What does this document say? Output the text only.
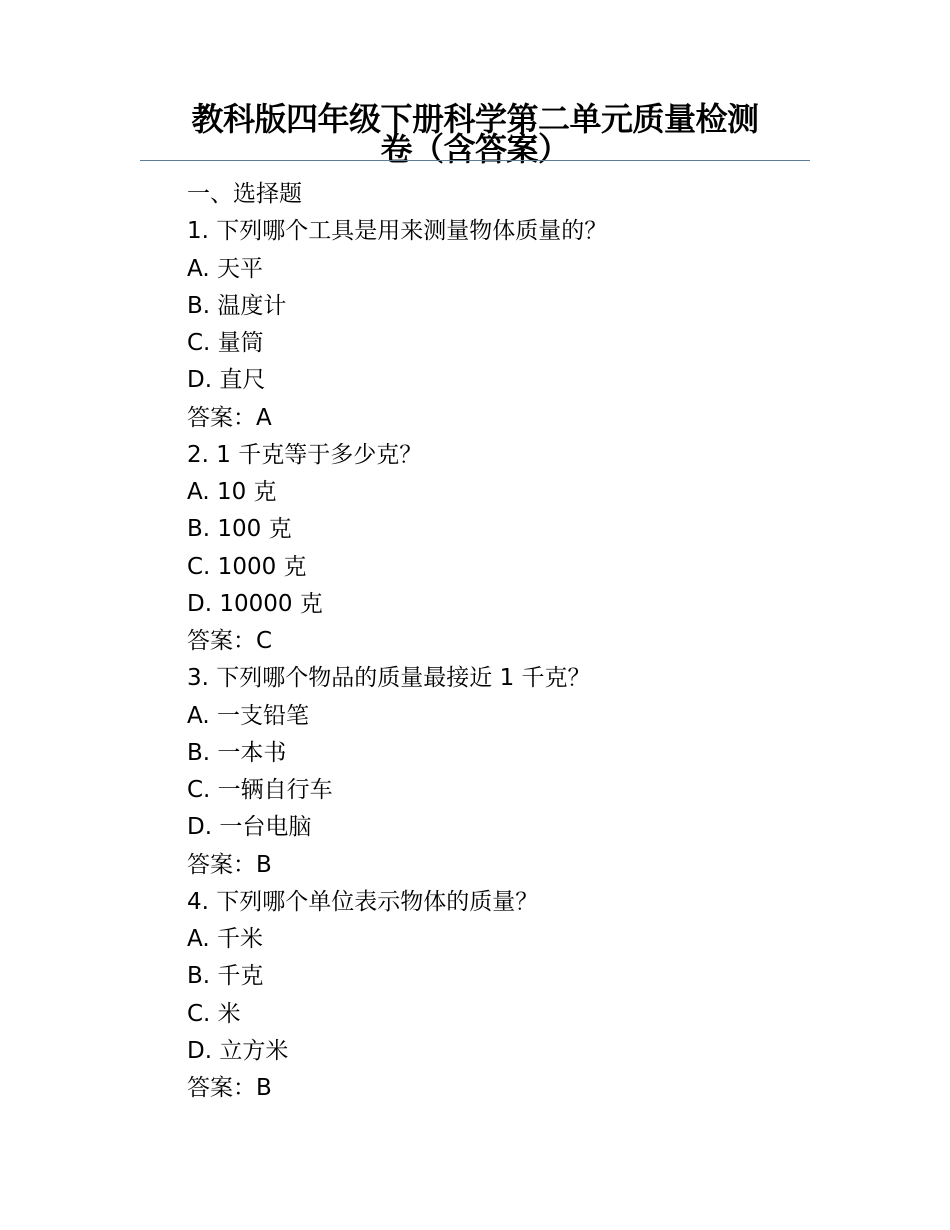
教科版四年级下册科学第二单元质量检测
卷（含答案）
一、选择题
1. 下列哪个工具是用来测量物体质量的？
A. 天平
B. 温度计
C. 量筒
D. 直尺
答案：A
2. 1 千克等于多少克？
A. 10 克
B. 100 克
C. 1000 克
D. 10000 克
答案：C
3. 下列哪个物品的质量最接近 1 千克？
A. 一支铅笔
B. 一本书
C. 一辆自行车
D. 一台电脑
答案：B
4. 下列哪个单位表示物体的质量？
A. 千米
B. 千克
C. 米
D. 立方米
答案：B
